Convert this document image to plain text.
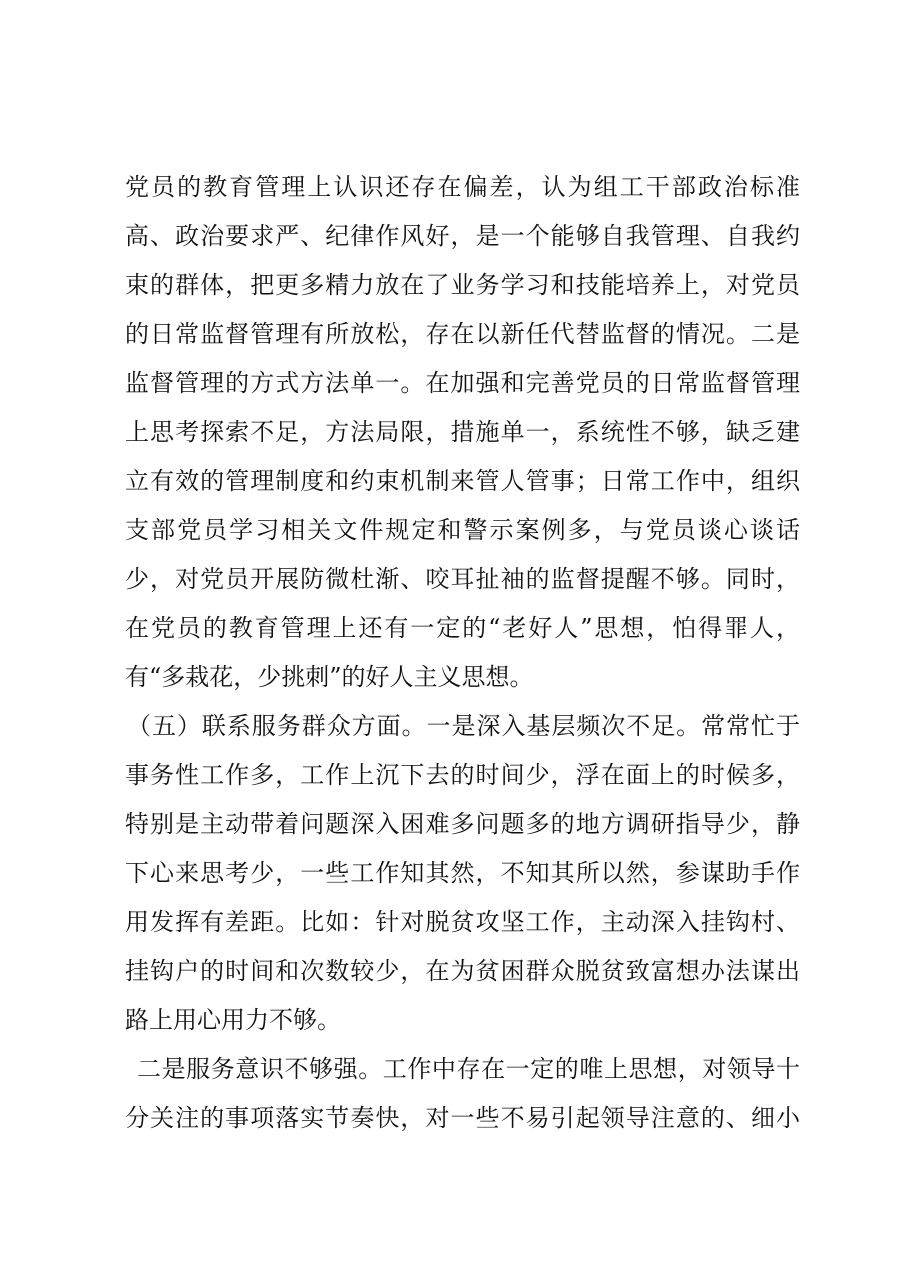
党员的教育管理上认识还存在偏差，认为组工干部政治标准
高、政治要求严、纪律作风好，是一个能够自我管理、自我约
束的群体，把更多精力放在了业务学习和技能培养上，对党员
的日常监督管理有所放松，存在以新任代替监督的情况。二是
监督管理的方式方法单一。在加强和完善党员的日常监督管理
上思考探索不足，方法局限，措施单一，系统性不够，缺乏建
立有效的管理制度和约束机制来管人管事；日常工作中，组织
支部党员学习相关文件规定和警示案例多，与党员谈心谈话
少，对党员开展防微杜渐、咬耳扯袖的监督提醒不够。同时，
在党员的教育管理上还有一定的“老好人”思想，怕得罪人，
有“多栽花，少挑刺”的好人主义思想。
（五）联系服务群众方面。一是深入基层频次不足。常常忙于
事务性工作多，工作上沉下去的时间少，浮在面上的时候多，
特别是主动带着问题深入困难多问题多的地方调研指导少，静
下心来思考少，一些工作知其然，不知其所以然，参谋助手作
用发挥有差距。比如：针对脱贫攻坚工作，主动深入挂钩村、
挂钩户的时间和次数较少，在为贫困群众脱贫致富想办法谋出
路上用心用力不够。
二是服务意识不够强。工作中存在一定的唯上思想，对领导十
分关注的事项落实节奏快，对一些不易引起领导注意的、细小
